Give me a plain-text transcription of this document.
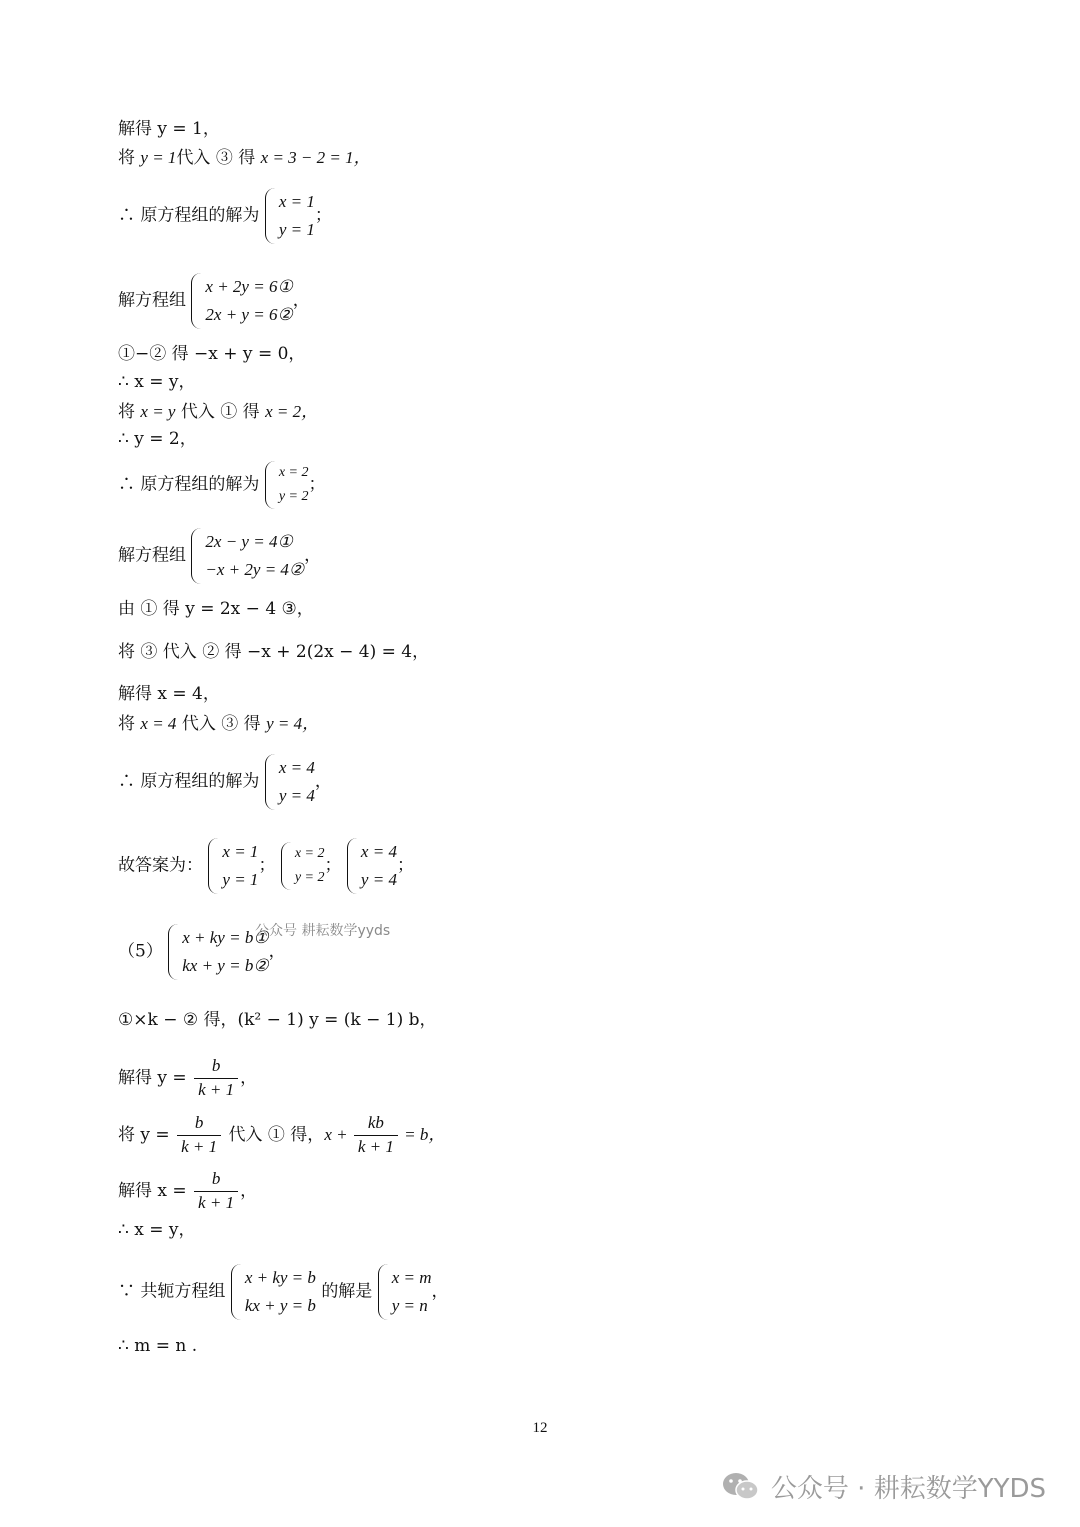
解得 y = 1，
将 y = 1代入 ③ 得 x = 3 − 2 = 1，
∴ 原方程组的解为
x = 1
y = 1
；
解方程组
x + 2y = 6①
2x + y = 6②
，
①−② 得 −x + y = 0，
∴ x = y，
将 x = y 代入 ① 得 x = 2，
∴ y = 2，
∴ 原方程组的解为
x = 2
y = 2
；
解方程组
2x − y = 4①
−x + 2y = 4②
，
由 ① 得 y = 2x − 4 ③，
将 ③ 代入 ② 得 −x + 2(2x − 4) = 4，
解得 x = 4，
将 x = 4 代入 ③ 得 y = 4，
∴ 原方程组的解为
x = 4
y = 4
，
故答案为：
x = 1
y = 1
；
x = 2
y = 2
；
x = 4
y = 4
；
（5）
x + ky = b①
kx + y = b②
，
公众号 耕耘数学yyds
①×k − ② 得，(k² − 1) y = (k − 1) b，
解得 $y = \frac{b}{k + 1}$ ，
将 $y = \frac{b}{k + 1}$ 代入 ① 得，$x + \frac{kb}{k + 1} = b$，
解得 $x = \frac{b}{k + 1}$ ，
∴ x = y，
∵ 共轭方程组
x + ky = b
kx + y = b
的解是
x = m
y = n
，
∴ m = n .
12
公众号 · 耕耘数学YYDS
